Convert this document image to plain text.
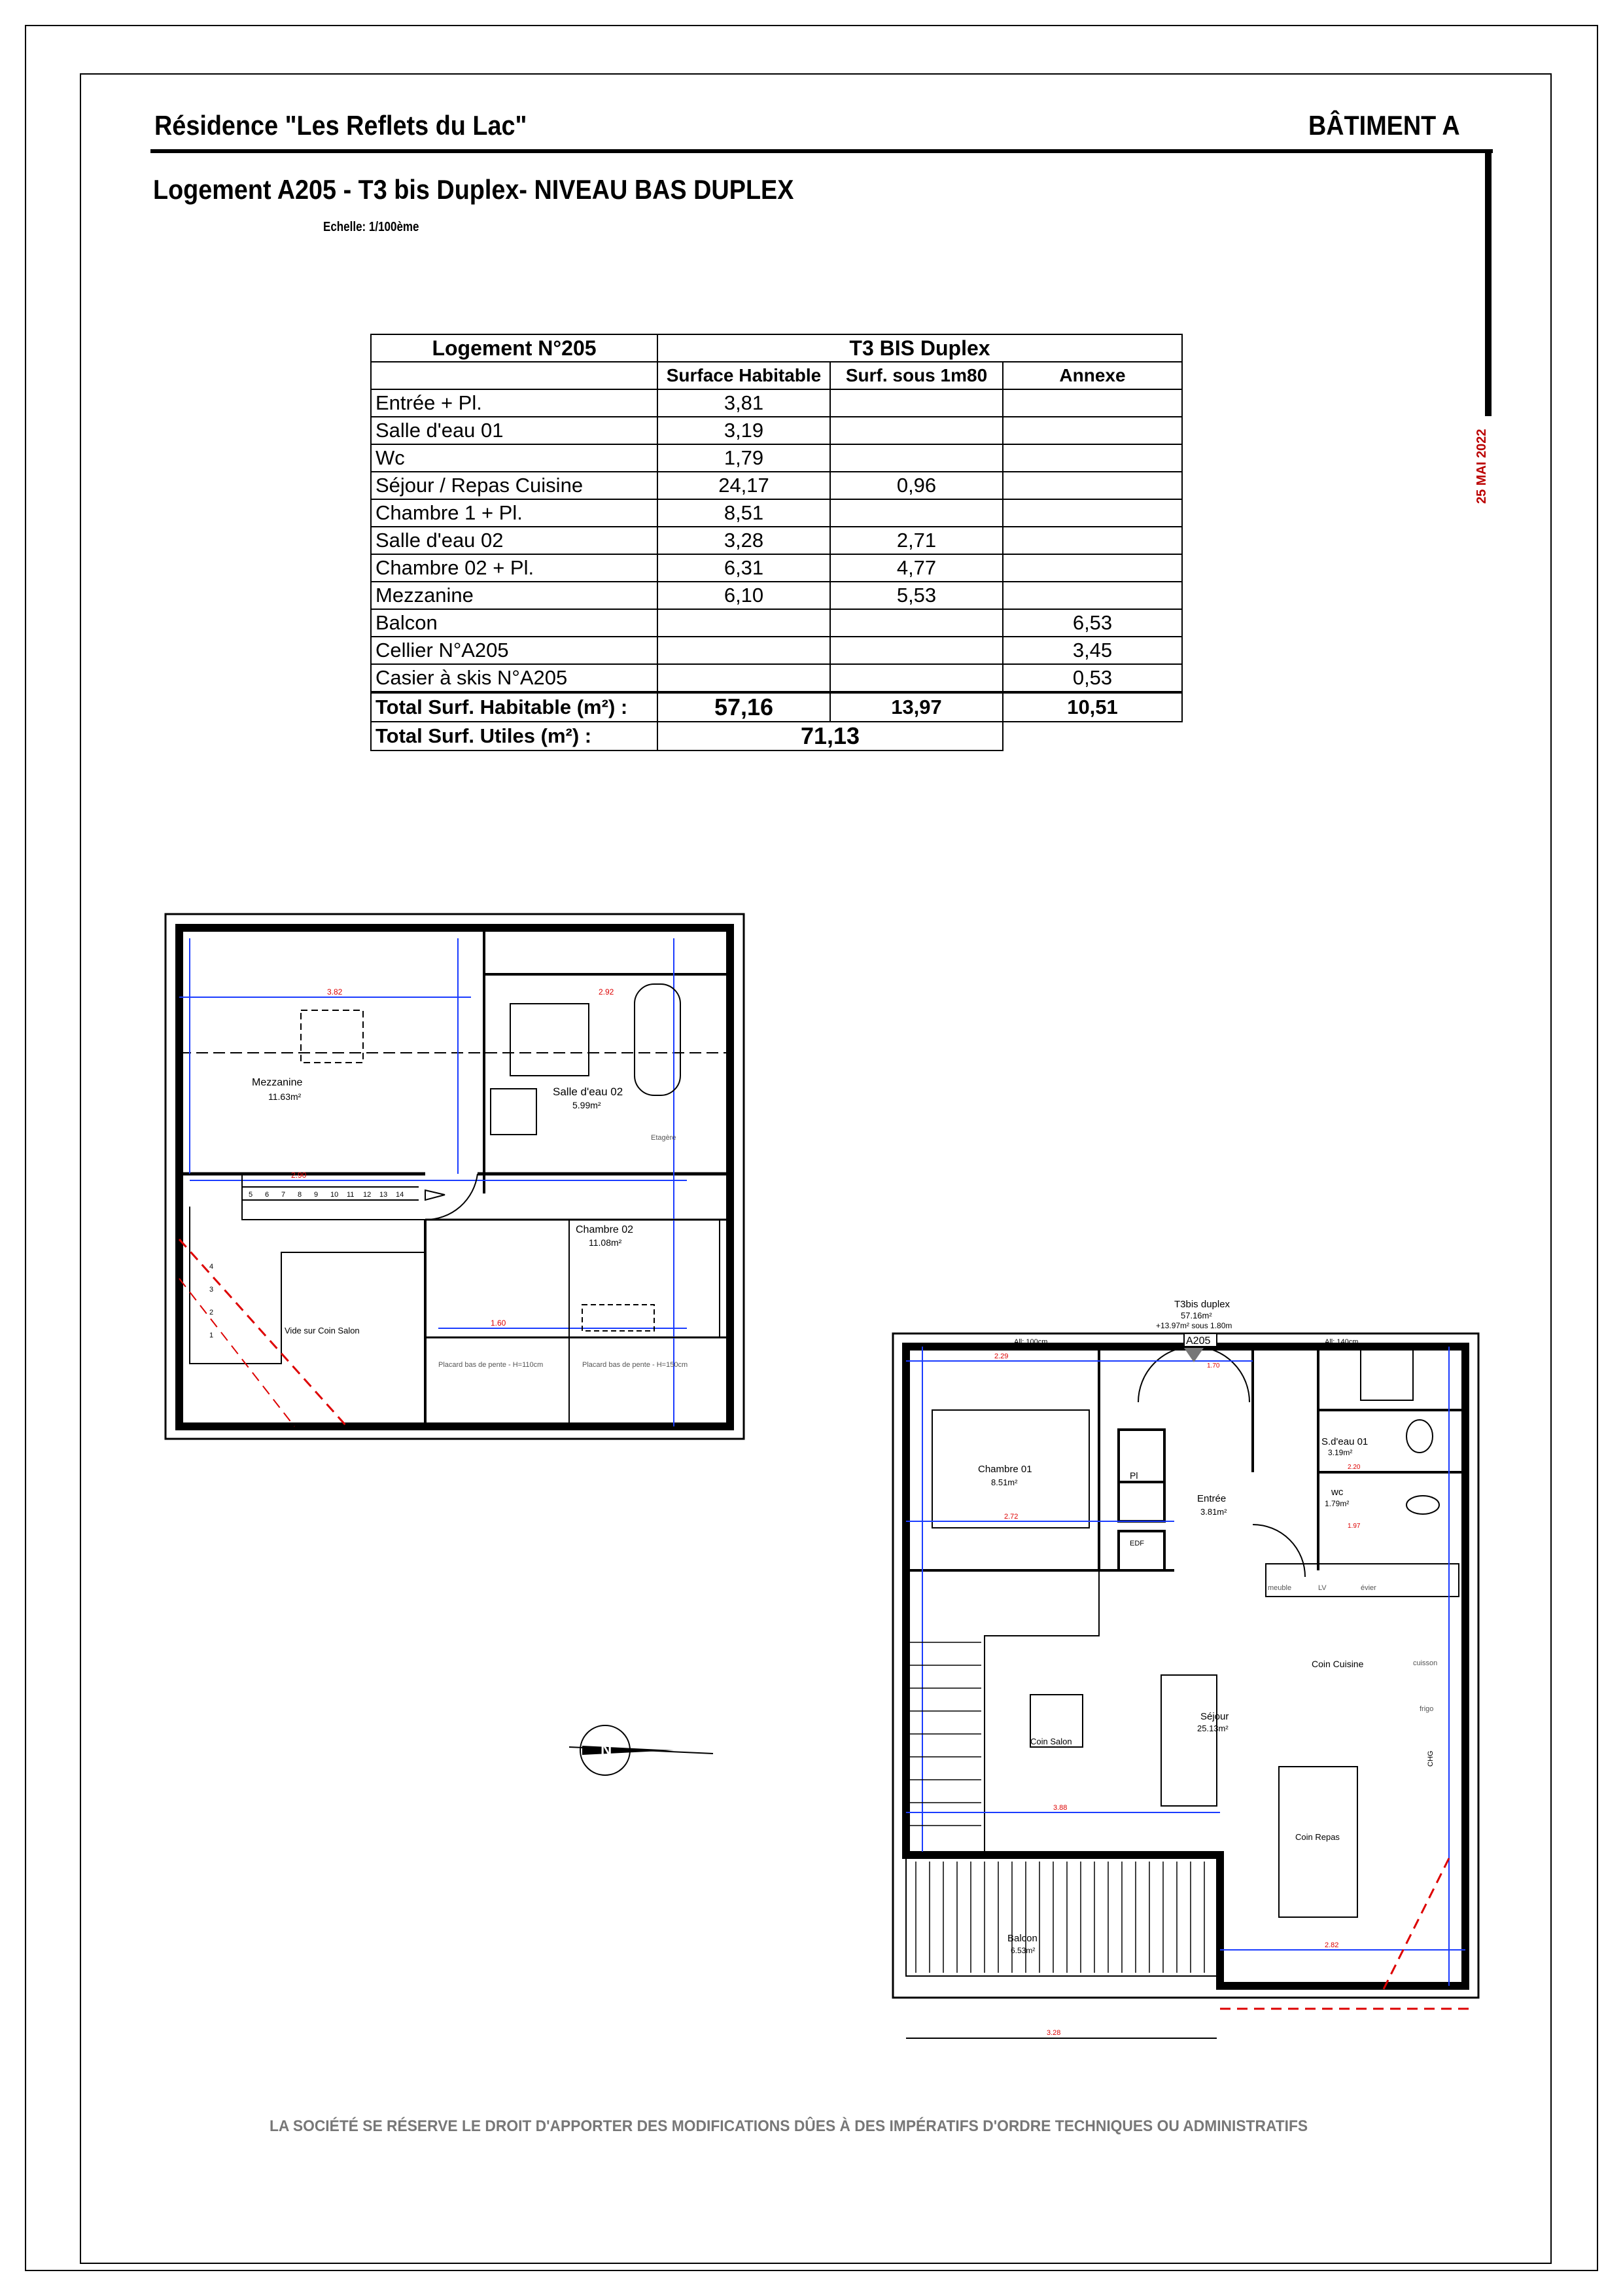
Résidence "Les Reflets du Lac"	BÂTIMENT A
Logement A205 - T3 bis Duplex- NIVEAU BAS DUPLEX
Echelle: 1/100ème
25 MAI 2022
Logement N°205	T3 BIS Duplex		
	Surface Habitable	Surf. sous 1m80	Annexe
Entrée + Pl.	3,81		
Salle d'eau 01	3,19		
Wc	1,79		
Séjour / Repas Cuisine	24,17	0,96	
Chambre 1 + Pl.	8,51		
Salle d'eau 02	3,28	2,71	
Chambre 02 + Pl.	6,31	4,77	
Mezzanine	6,10	5,53	
Balcon			6,53
Cellier N°A205			3,45
Casier à skis N°A205			0,53
Total Surf. Habitable (m²) :	57,16	13,97	10,51
Total Surf. Utiles (m²) :	71,13		
Mezzanine
11.63m²	Salle d'eau 02
5.99m²
Chambre 02
11.08m²
Vide sur Coin Salon
Placard bas de pente - H=110cm	Placard bas de pente - H=150cm
Etagère
3.82	2.92
2.90
1.60
1
2
3
4
5 6 7 8 9 10 11 12 13 14
N
A205
T3bis duplex
57.16m²
+13.97m² sous 1.80m
Chambre 01
8.51m²
Entrée
3.81m²
S.d'eau 01
3.19m²
wc
1.79m²
Coin Cuisine
Séjour
25.13m²
Coin Salon
Coin Repas
Balcon
6.53m²
All: 100cm	All: 140cm
EDF
Pl
CHG
meuble	LV	évier
cuisson
frigo
2.29
2.72
3.88
3.28
2.20
1.97
1.70
2.82
LA SOCIÉTÉ SE RÉSERVE LE DROIT D'APPORTER DES MODIFICATIONS DÛES À DES IMPÉRATIFS D'ORDRE TECHNIQUES OU ADMINISTRATIFS
